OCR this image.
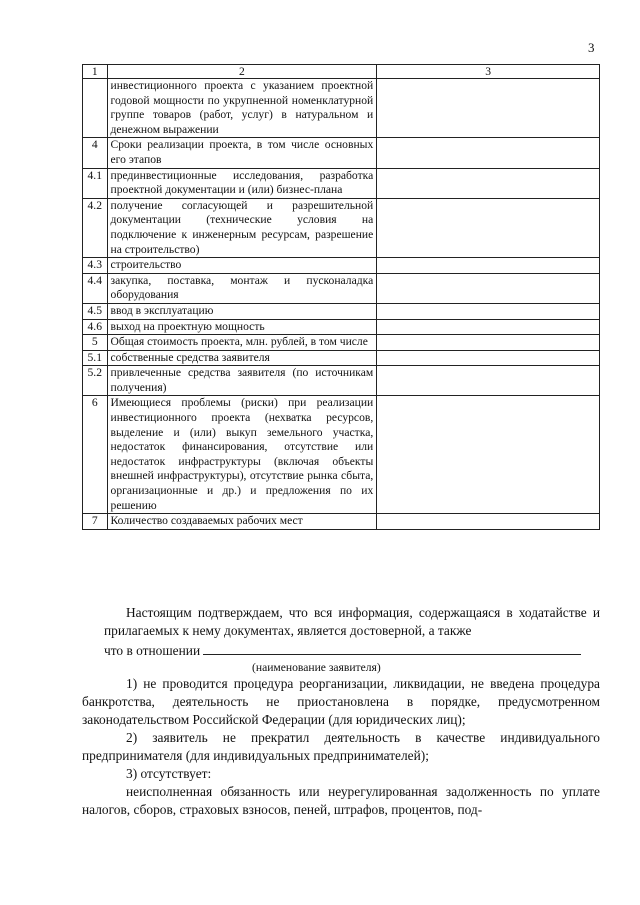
3
1	2	3
	инвестиционного проекта с указанием проектной годовой мощности по укрупненной номенклатурной группе товаров (работ, услуг) в натуральном и денежном выражении	
4	Сроки реализации проекта, в том числе основных его этапов	
4.1	прединвестиционные исследования, разработка проектной документации и (или) бизнес-плана	
4.2	получение согласующей и разрешительной документации (технические условия на подключение к инженерным ресурсам, разрешение на строительство)	
4.3	строительство	
4.4	закупка, поставка, монтаж и пусконаладка оборудования	
4.5	ввод в эксплуатацию	
4.6	выход на проектную мощность	
5	Общая стоимость проекта, млн. рублей, в том числе	
5.1	собственные средства заявителя	
5.2	привлеченные средства заявителя (по источникам получения)	
6	Имеющиеся проблемы (риски) при реализации инвестиционного проекта (нехватка ресурсов, выделение и (или) выкуп земельного участка, недостаток финансирования, отсутствие или недостаток инфраструктуры (включая объекты внешней инфраструктуры), отсутствие рынка сбыта, организационные и др.) и предложения по их решению	
7	Количество создаваемых рабочих мест	

Настоящим подтверждаем, что вся информация, содержащаяся в ходатайстве и прилагаемых к нему документах, является достоверной, а также

что в отношении

(наименование заявителя)

1) не проводится процедура реорганизации, ликвидации, не введена процедура банкротства, деятельность не приостановлена в порядке, предусмотренном законодательством Российской Федерации (для юридических лиц);

2) заявитель не прекратил деятельность в качестве индивидуального предпринимателя (для индивидуальных предпринимателей);

3) отсутствует:

неисполненная обязанность или неурегулированная задолженность по уплате налогов, сборов, страховых взносов, пеней, штрафов, процентов, под-
